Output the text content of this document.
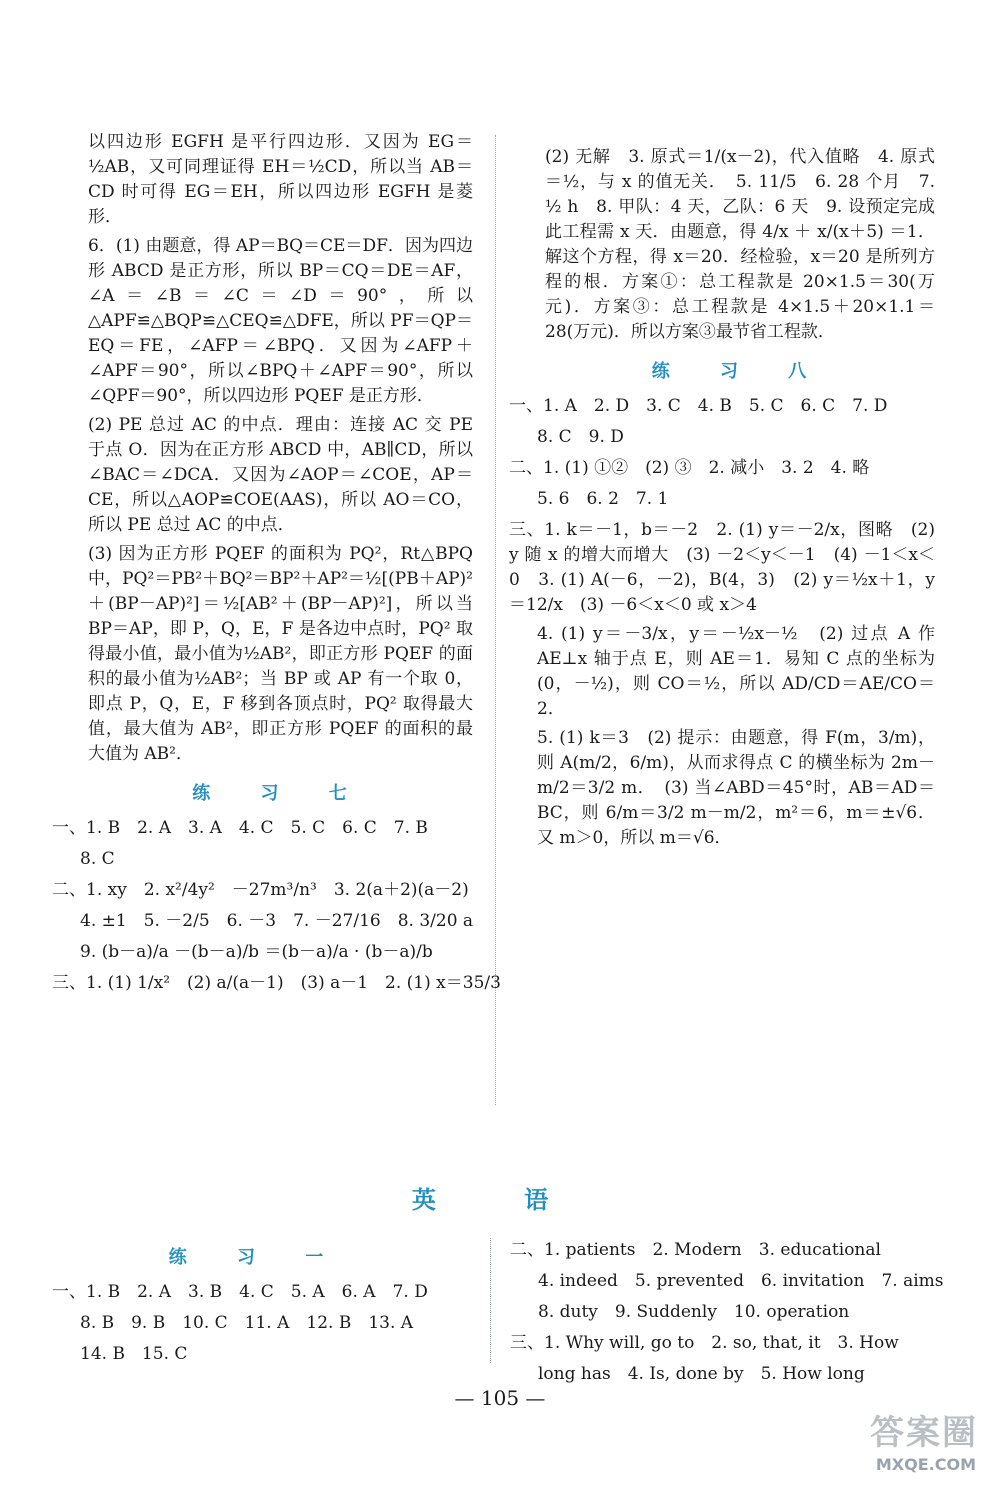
以四边形 EGFH 是平行四边形．又因为 EG＝½AB，又可同理证得 EH＝½CD，所以当 AB＝CD 时可得 EG＝EH，所以四边形 EGFH 是菱形．

6．(1) 由题意，得 AP＝BQ＝CE＝DF．因为四边形 ABCD 是正方形，所以 BP＝CQ＝DE＝AF，∠A＝∠B＝∠C＝∠D＝90°，所以△APF≌△BQP≌△CEQ≌△DFE，所以 PF＝QP＝EQ＝FE，∠AFP＝∠BPQ．又因为∠AFP＋∠APF＝90°，所以∠BPQ＋∠APF＝90°，所以∠QPF＝90°，所以四边形 PQEF 是正方形．

(2) PE 总过 AC 的中点．理由：连接 AC 交 PE 于点 O．因为在正方形 ABCD 中，AB∥CD，所以∠BAC＝∠DCA．又因为∠AOP＝∠COE，AP＝CE，所以△AOP≌COE(AAS)，所以 AO＝CO，所以 PE 总过 AC 的中点．

(3) 因为正方形 PQEF 的面积为 PQ²，Rt△BPQ 中，PQ²＝PB²＋BQ²＝BP²＋AP²＝½[(PB＋AP)²＋(BP－AP)²]＝½[AB²＋(BP－AP)²]，所以当 BP＝AP，即 P，Q，E，F 是各边中点时，PQ² 取得最小值，最小值为½AB²，即正方形 PQEF 的面积的最小值为½AB²；当 BP 或 AP 有一个取 0，即点 P，Q，E，F 移到各顶点时，PQ² 取得最大值，最大值为 AB²，即正方形 PQEF 的面积的最大值为 AB²．

练 习 七
一、1. B　2. A　3. A　4. C　5. C　6. C　7. B
8. C
二、1. xy　2. x²/4y²　－27m³/n³　3. 2(a＋2)(a－2)
4. ±1　5. －2/5　6. －3　7. －27/16　8. 3/20 a
9. (b－a)/a －(b－a)/b ＝(b－a)/a · (b－a)/b
三、1. (1) 1/x²　(2) a/(a－1)　(3) a－1　2. (1) x＝35/3

(2) 无解　3. 原式＝1/(x－2)，代入值略　4. 原式＝½，与 x 的值无关．　5. 11/5　6. 28 个月　7. ½ h　8. 甲队：4 天，乙队：6 天　9. 设预定完成此工程需 x 天．由题意，得 4/x ＋ x/(x＋5) ＝1．解这个方程，得 x＝20．经检验，x＝20 是所列方程的根．方案①：总工程款是 20×1.5＝30(万元)．方案③：总工程款是 4×1.5＋20×1.1＝28(万元)．所以方案③最节省工程款．

练 习 八
一、1. A　2. D　3. C　4. B　5. C　6. C　7. D
8. C　9. D
二、1. (1) ①②　(2) ③　2. 减小　3. 2　4. 略
5. 6　6. 2　7. 1

三、1. k＝－1，b＝－2　2. (1) y＝－2/x，图略　(2) y 随 x 的增大而增大　(3) －2＜y＜－1　(4) －1＜x＜0　3. (1) A(－6，－2)，B(4，3)　(2) y＝½x＋1，y＝12/x　(3) －6＜x＜0 或 x＞4

4. (1) y＝－3/x，y＝－½x－½　(2) 过点 A 作 AE⊥x 轴于点 E，则 AE＝1．易知 C 点的坐标为 (0，－½)，则 CO＝½，所以 AD/CD＝AE/CO＝2．

5. (1) k＝3　(2) 提示：由题意，得 F(m，3/m)，则 A(m/2，6/m)，从而求得点 C 的横坐标为 2m－m/2＝3/2 m．　(3) 当∠ABD＝45°时，AB＝AD＝BC，则 6/m＝3/2 m－m/2，m²＝6，m＝±√6．又 m＞0，所以 m＝√6．

英 语
练 习 一
一、1. B　2. A　3. B　4. C　5. A　6. A　7. D
8. B　9. B　10. C　11. A　12. B　13. A
14. B　15. C
二、1. patients　2. Modern　3. educational
4. indeed　5. prevented　6. invitation　7. aims
8. duty　9. Suddenly　10. operation
三、1. Why will, go to　2. so, that, it　3. How
long has　4. Is, done by　5. How long
— 105 —
答案圈
MXQE.COM
